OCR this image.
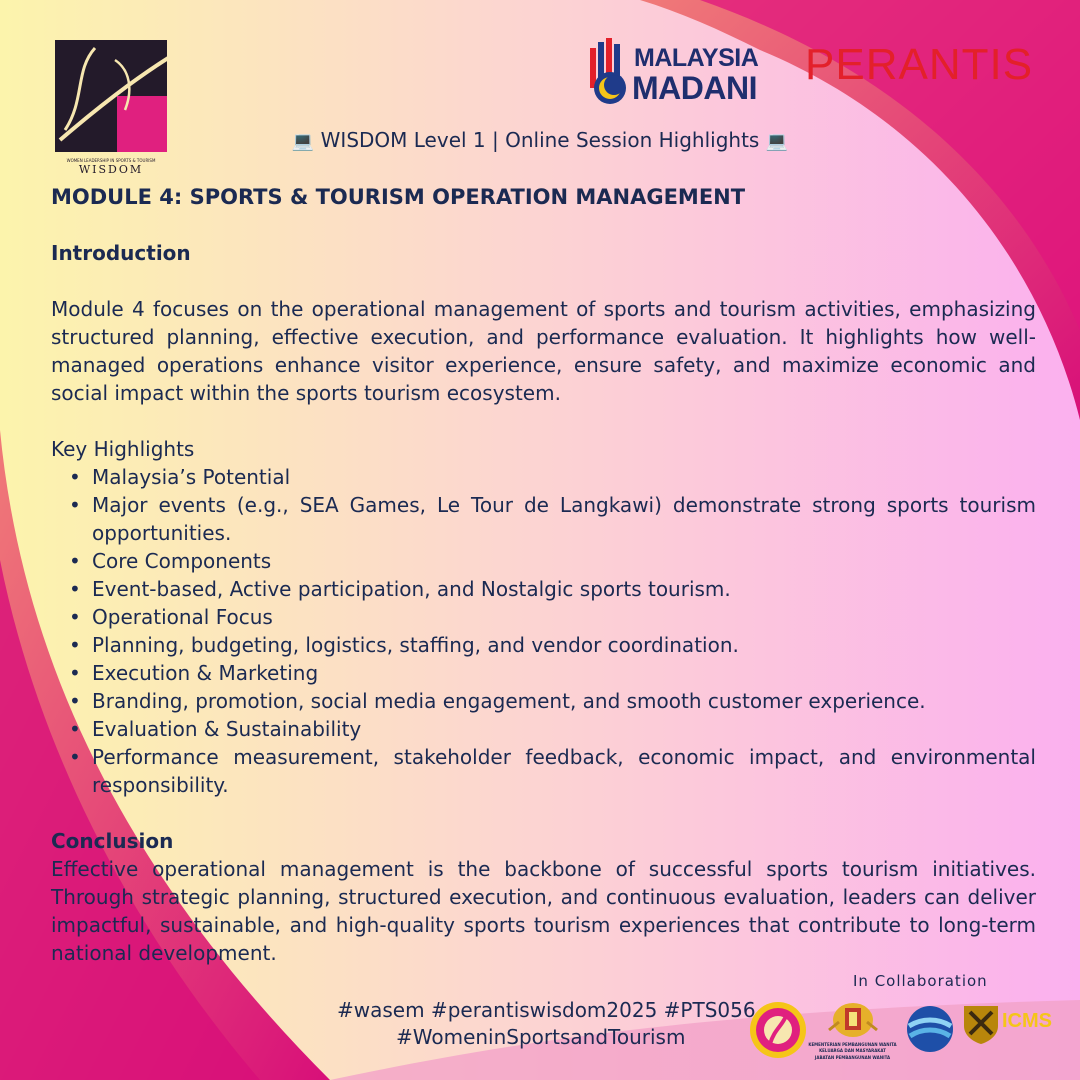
WOMEN LEADERSHIP IN SPORTS & TOURISM
WISDOM
MALAYSIA
MADANI PERANTIS
💻 WISDOM Level 1 | Online Session Highlights 💻
MODULE 4: SPORTS & TOURISM OPERATION MANAGEMENT
Introduction
Module 4 focuses on the operational management of sports and tourism activities, emphasizing structured planning, effective execution, and performance evaluation. It highlights how well-managed operations enhance visitor experience, ensure safety, and maximize economic and social impact within the sports tourism ecosystem.
Key Highlights
• Malaysia’s Potential
• Major events (e.g., SEA Games, Le Tour de Langkawi) demonstrate strong sports tourism opportunities.
• Core Components
• Event-based, Active participation, and Nostalgic sports tourism.
• Operational Focus
• Planning, budgeting, logistics, staffing, and vendor coordination.
• Execution & Marketing
• Branding, promotion, social media engagement, and smooth customer experience.
• Evaluation & Sustainability
• Performance measurement, stakeholder feedback, economic impact, and environmental responsibility.
Conclusion
Effective operational management is the backbone of successful sports tourism initiatives. Through strategic planning, structured execution, and continuous evaluation, leaders can deliver impactful, sustainable, and high-quality sports tourism experiences that contribute to long-term national development.
#wasem #perantiswisdom2025 #PTS056
#WomeninSportsandTourism
In Collaboration
KEMENTERIAN PEMBANGUNAN WANITA
KELUARGA DAN MASYARAKAT
JABATAN PEMBANGUNAN WANITA
ICMS
